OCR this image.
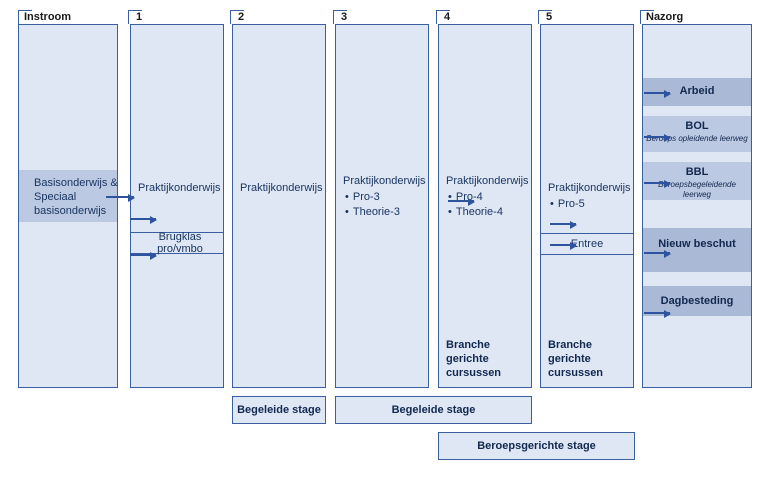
Instroom	1	2	3	4	5	Nazorg
Basisonderwijs & Speciaal basisonderwijs
Praktijkonderwijs
Brugklas pro/vmbo
Praktijkonderwijs
Praktijkonderwijs
• Pro-3
• Theorie-3
Praktijkonderwijs
• Pro-4
• Theorie-4
Branche gerichte cursussen
Praktijkonderwijs
• Pro-5
Entree
Branche gerichte cursussen
Arbeid
BOL
Beroeps opleidende leerweg
BBL
Beroepsbegeleidende leerweg
Nieuw beschut
Dagbesteding
Begeleide stage	Begeleide stage
Beroepsgerichte stage
